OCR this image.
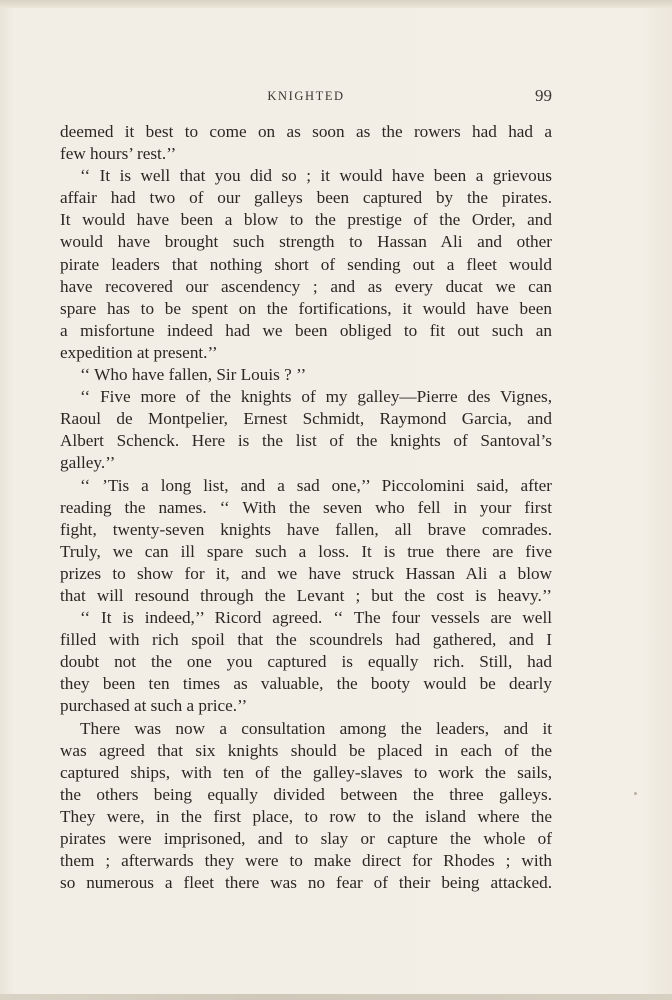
KNIGHTED	99
deemed it best to come on as soon as the rowers had had a
few hours’ rest.’’
‘‘ It is well that you did so ; it would have been a grievous
affair had two of our galleys been captured by the pirates.
It would have been a blow to the prestige of the Order, and
would have brought such strength to Hassan Ali and other
pirate leaders that nothing short of sending out a fleet would
have recovered our ascendency ; and as every ducat we can
spare has to be spent on the fortifications, it would have been
a misfortune indeed had we been obliged to fit out such an
expedition at present.’’
‘‘ Who have fallen, Sir Louis ? ’’
‘‘ Five more of the knights of my galley—Pierre des Vignes,
Raoul de Montpelier, Ernest Schmidt, Raymond Garcia, and
Albert Schenck. Here is the list of the knights of Santoval’s
galley.’’
‘‘ ’Tis a long list, and a sad one,’’ Piccolomini said, after
reading the names. ‘‘ With the seven who fell in your first
fight, twenty-seven knights have fallen, all brave comrades.
Truly, we can ill spare such a loss. It is true there are five
prizes to show for it, and we have struck Hassan Ali a blow
that will resound through the Levant ; but the cost is heavy.’’
‘‘ It is indeed,’’ Ricord agreed. ‘‘ The four vessels are well
filled with rich spoil that the scoundrels had gathered, and I
doubt not the one you captured is equally rich. Still, had
they been ten times as valuable, the booty would be dearly
purchased at such a price.’’
There was now a consultation among the leaders, and it
was agreed that six knights should be placed in each of the
captured ships, with ten of the galley-slaves to work the sails,
the others being equally divided between the three galleys.
They were, in the first place, to row to the island where the
pirates were imprisoned, and to slay or capture the whole of
them ; afterwards they were to make direct for Rhodes ; with
so numerous a fleet there was no fear of their being attacked.
